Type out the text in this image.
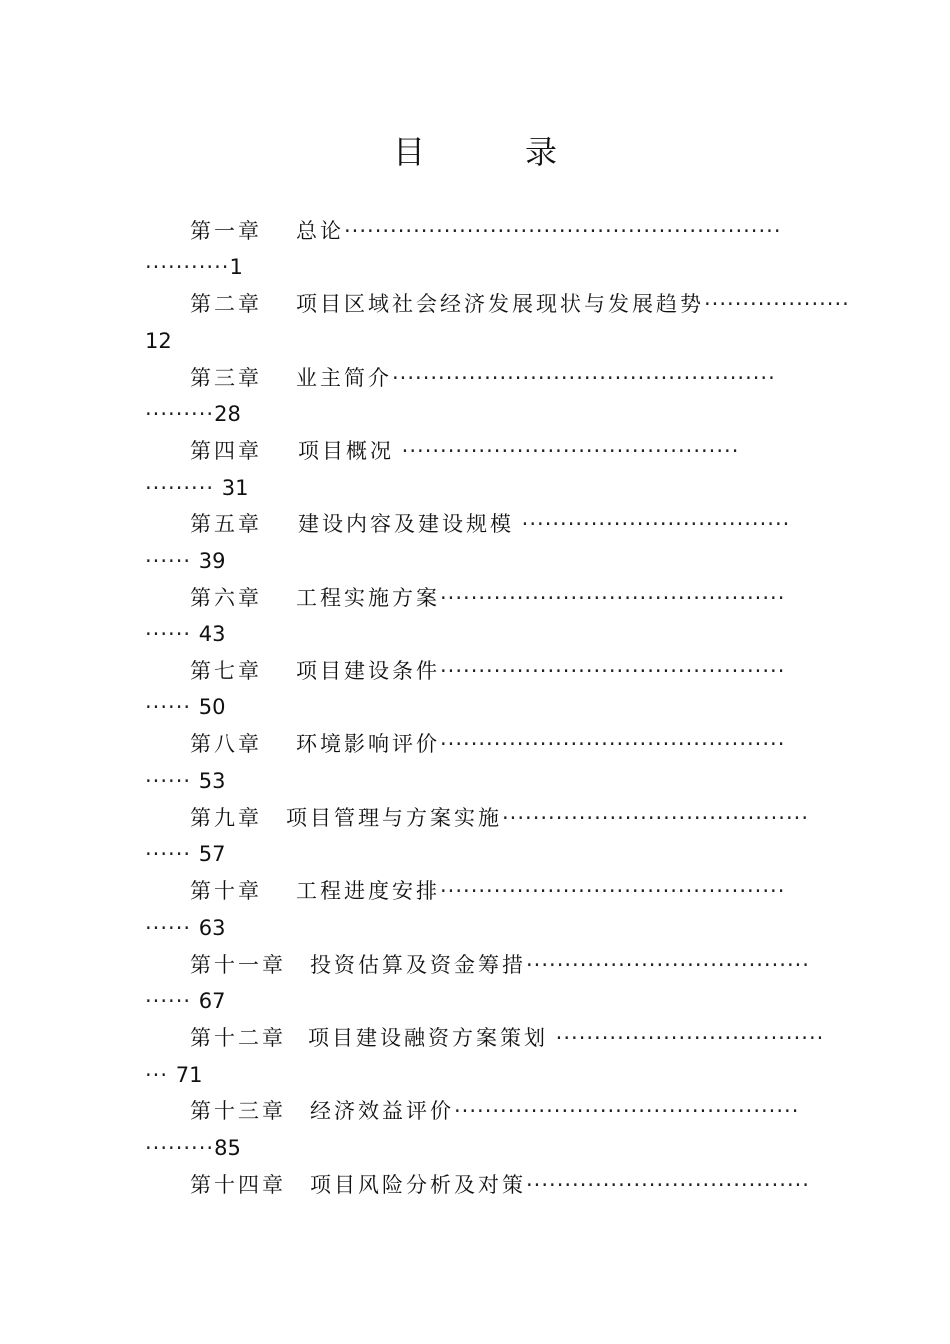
目　录
第一章 总论·························································
···········1
第二章 项目区域社会经济发展现状与发展趋势···················
12
第三章 业主简介··················································
·········28
第四章 项目概况 ············································
········· 31
第五章 建设内容及建设规模 ···································
······ 39
第六章 工程实施方案·············································
······ 43
第七章 项目建设条件·············································
······ 50
第八章 环境影响评价·············································
······ 53
第九章 项目管理与方案实施········································
······ 57
第十章 工程进度安排·············································
······ 63
第十一章 投资估算及资金筹措·····································
······ 67
第十二章 项目建设融资方案策划 ···································
··· 71
第十三章 经济效益评价·············································
·········85
第十四章 项目风险分析及对策·····································
